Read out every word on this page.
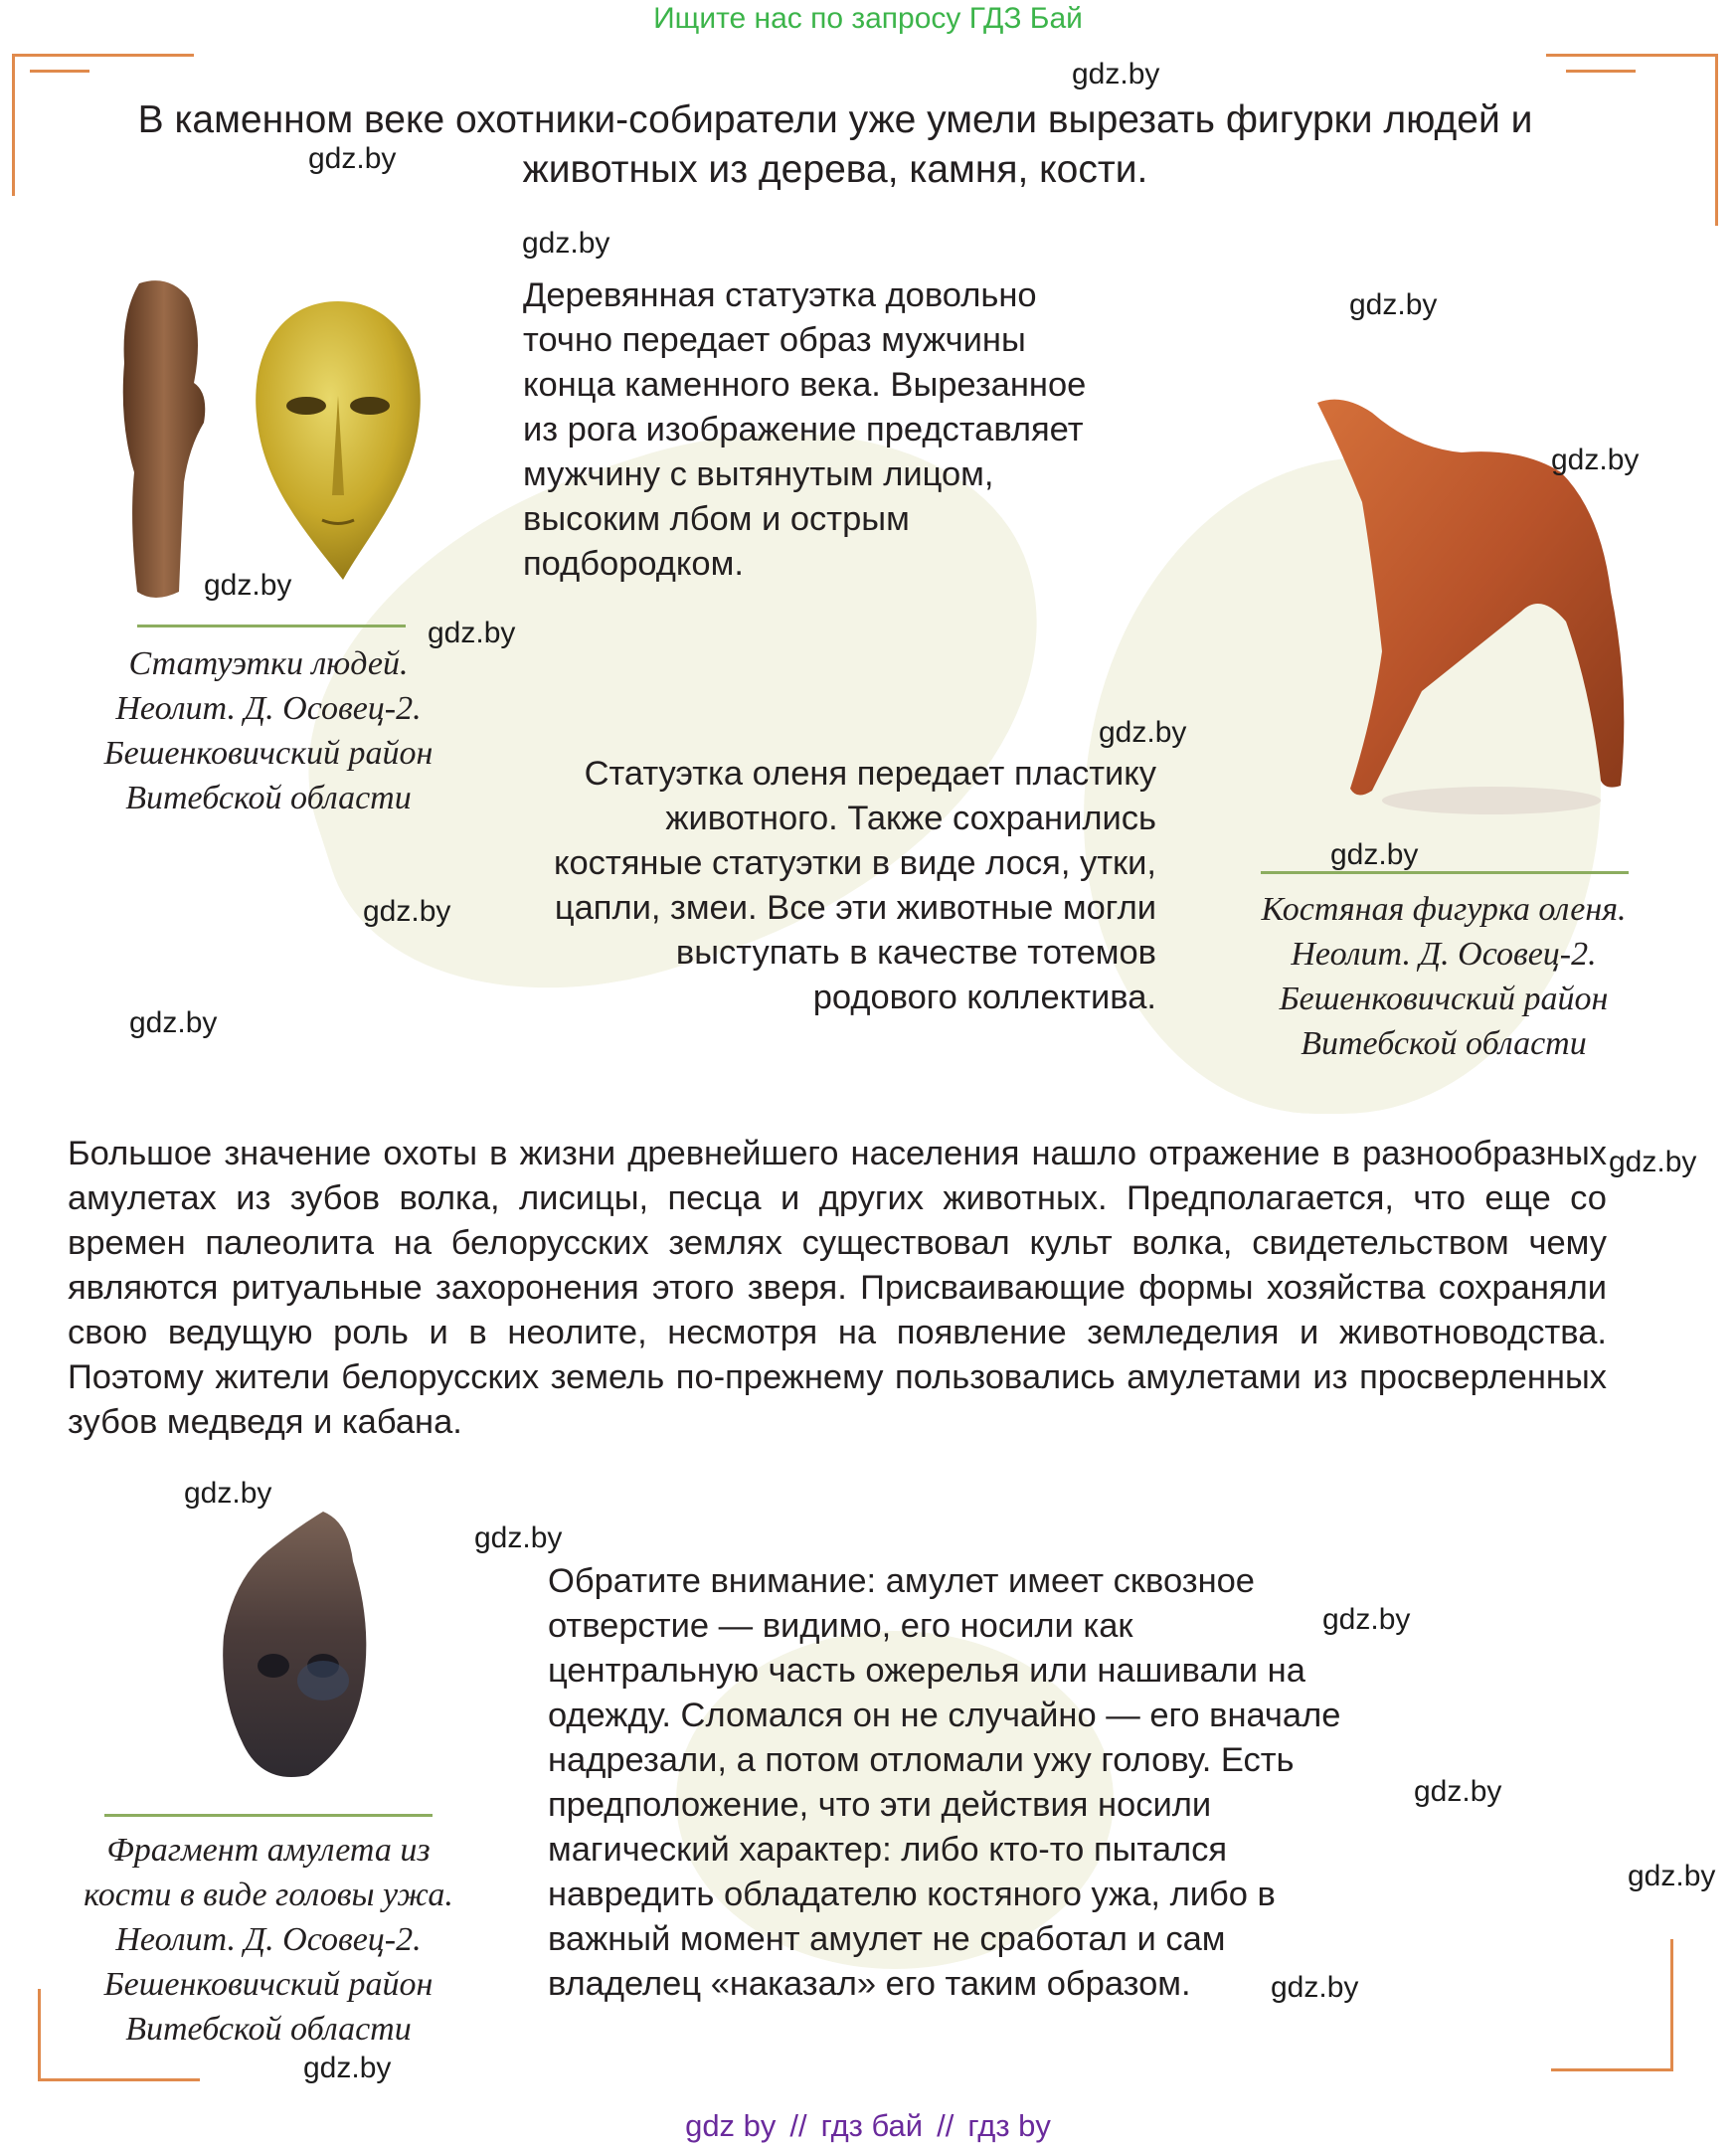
Ищите нас по запросу ГДЗ Бай
В каменном веке охотники-собиратели уже умели вырезать фигурки людей и животных из дерева, камня, кости.
Деревянная статуэтка довольно точно передает образ мужчины конца каменного века. Вырезанное из рога изображение представляет мужчину с вытянутым лицом, высоким лбом и острым подбородком.
Статуэтки людей.
Неолит. Д. Осовец-2.
Бешенковичский район
Витебской области
Статуэтка оленя передает пластику животного. Также сохранились костяные статуэтки в виде лося, утки, цапли, змеи. Все эти животные могли выступать в качестве тотемов родового коллектива.
Костяная фигурка оленя.
Неолит. Д. Осовец-2.
Бешенковичский район
Витебской области
Большое значение охоты в жизни древнейшего населения нашло отражение в разнообразных амулетах из зубов волка, лисицы, песца и других животных. Предполагается, что еще со времен палеолита на белорусских землях существовал культ волка, свидетельством чему являются ритуальные захоронения этого зверя. Присваивающие формы хозяйства сохраняли свою ведущую роль и в неолите, несмотря на появление земледелия и животноводства. Поэтому жители белорусских земель по-прежнему пользовались амулетами из просверленных зубов медведя и кабана.
Фрагмент амулета из
кости в виде головы ужа.
Неолит. Д. Осовец-2.
Бешенковичский район
Витебской области
Обратите внимание: амулет имеет сквозное отверстие — видимо, его носили как центральную часть ожерелья или нашивали на одежду. Сломался он не случайно — его вначале надрезали, а потом отломали ужу голову. Есть предположение, что эти действия носили магический характер: либо кто-то пытался навредить обладателю костяного ужа, либо в важный момент амулет не сработал и сам владелец «наказал» его таким образом.
gdz.by
gdz.by
gdz.by
gdz.by
gdz.by
gdz.by
gdz.by
gdz.by
gdz.by
gdz.by
gdz.by
gdz.by
gdz.by
gdz.by
gdz.by
gdz.by
gdz.by
gdz.by
gdz.by
gdz by // гдз бай // гдз by
